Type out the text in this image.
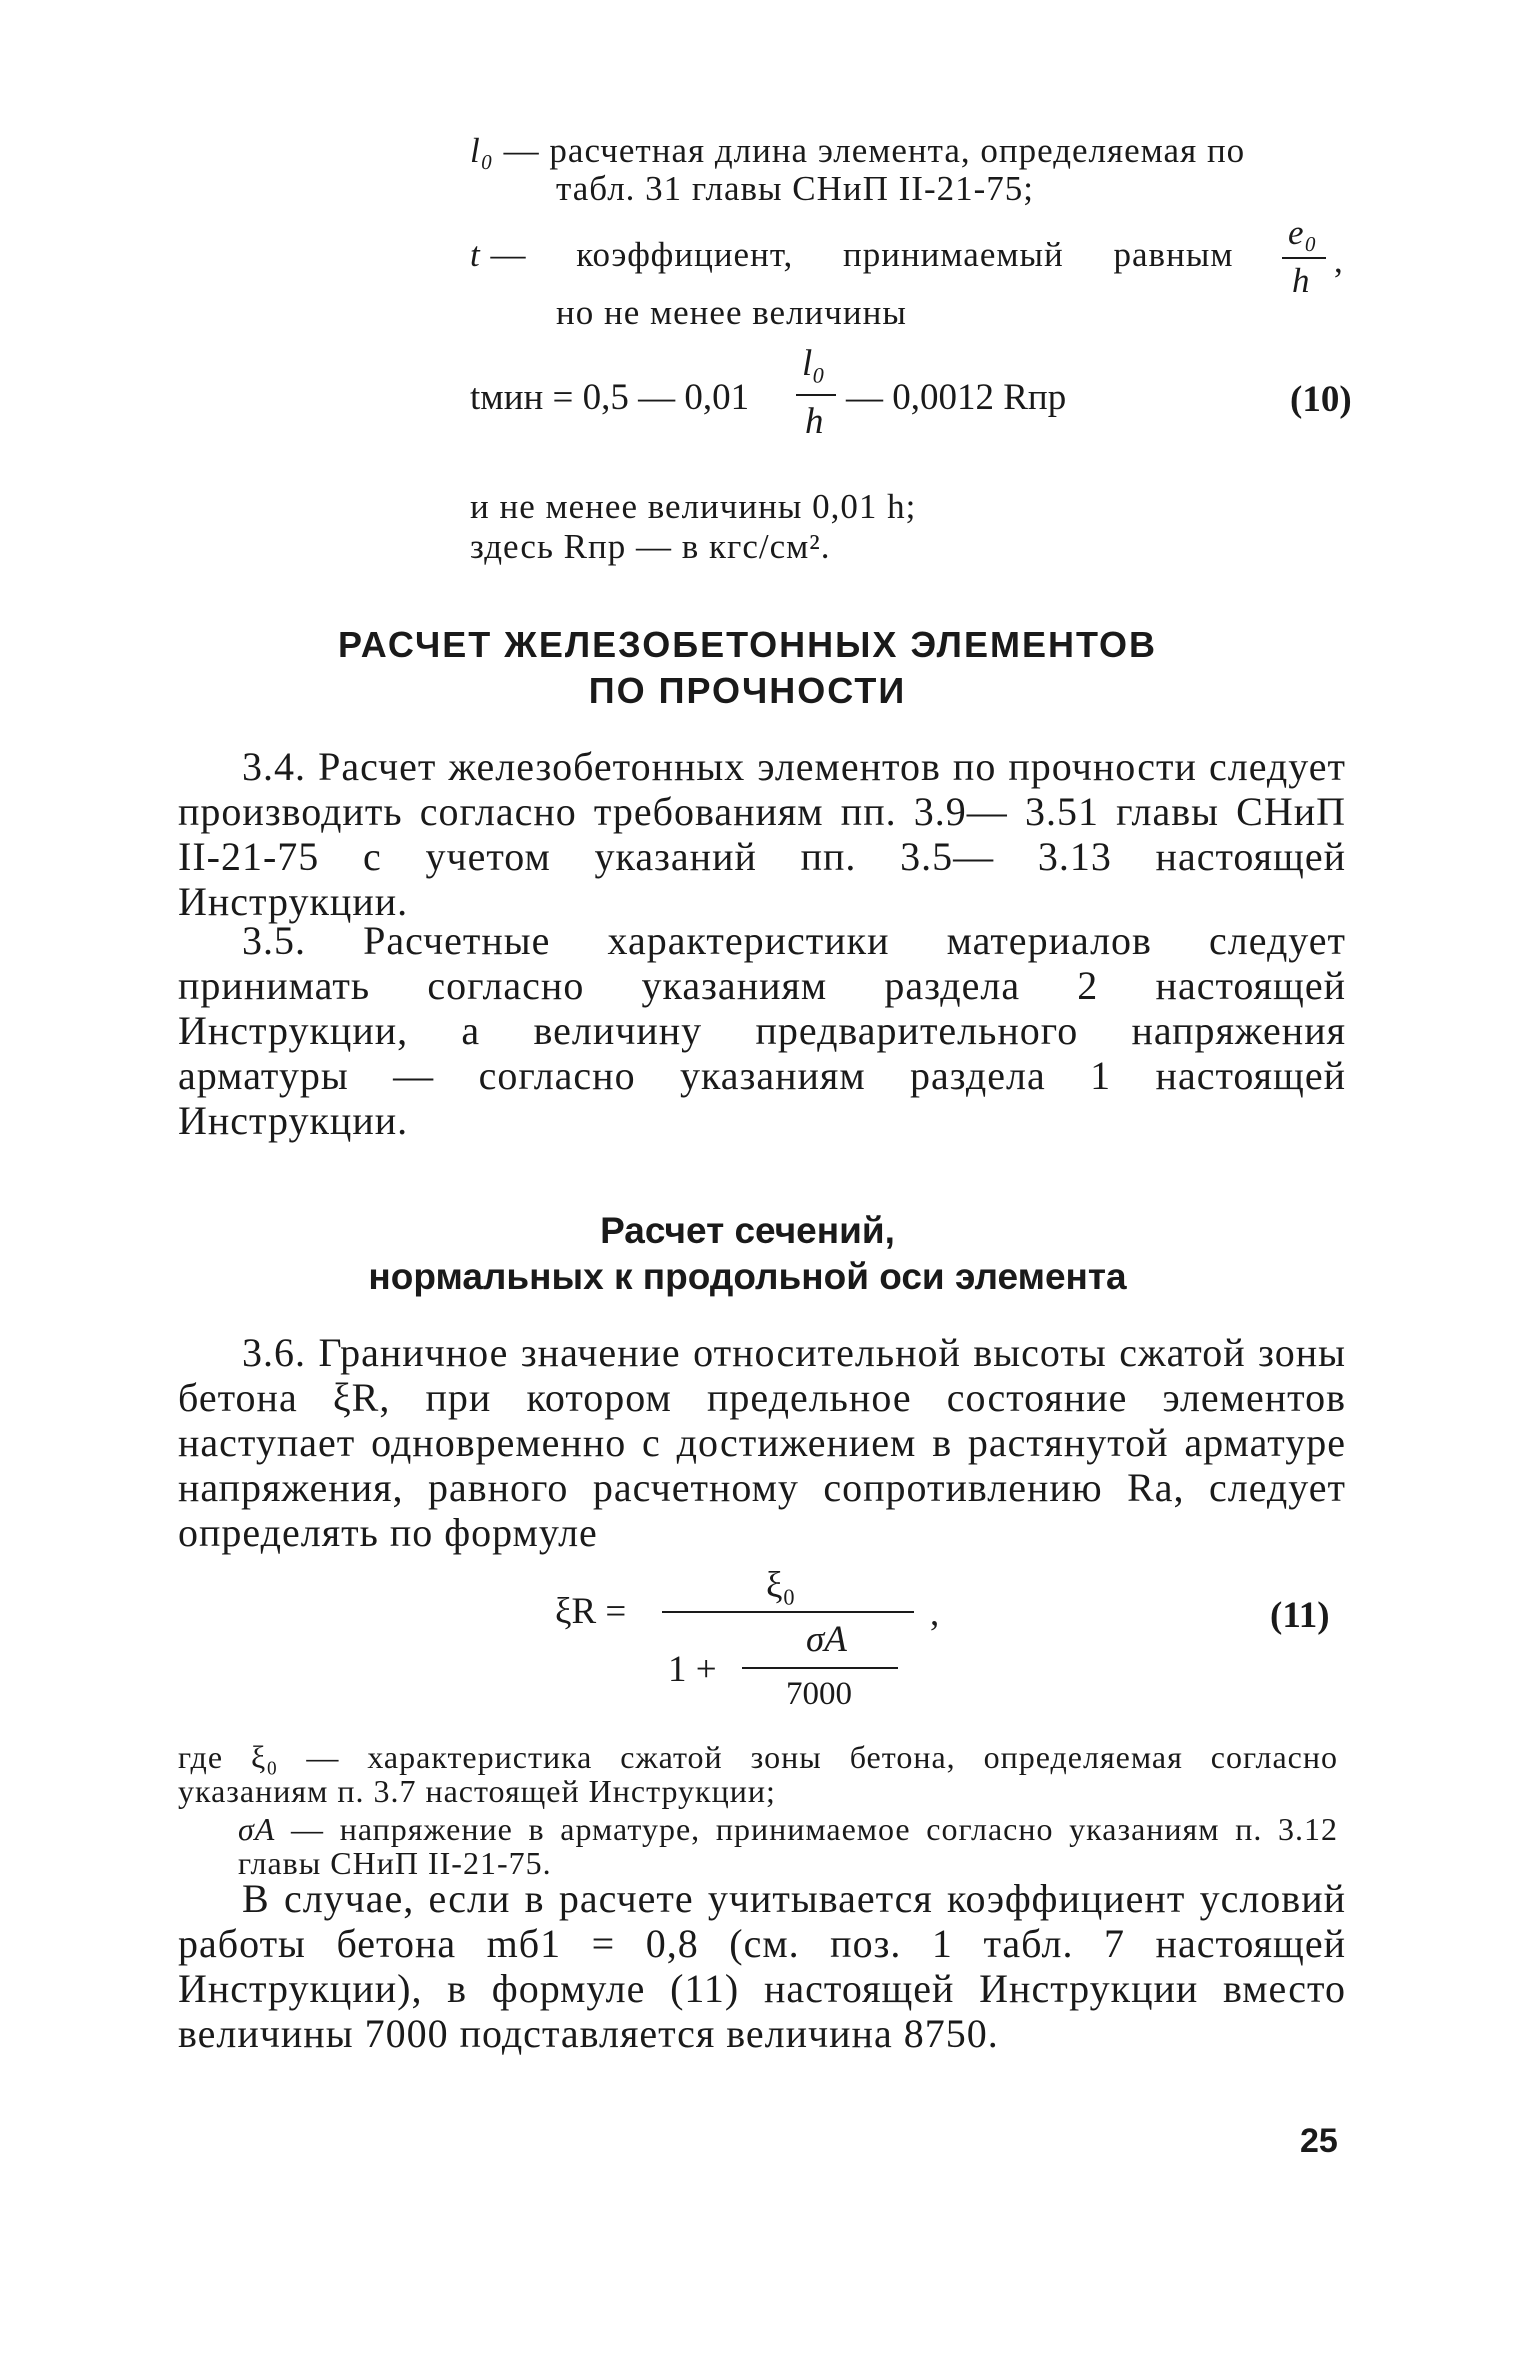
l₀ — расчетная длина элемента, определяемая по
табл. 31 главы СНиП II-21-75;
t — коэффициент, принимаемый равным
e₀
h
,
но не менее величины
tмин = 0,5 — 0,01
l₀
h
— 0,0012 Rпр	(10)
и не менее величины 0,01 h;
здесь Rпр — в кгс/см².
РАСЧЕТ ЖЕЛЕЗОБЕТОННЫХ ЭЛЕМЕНТОВ
ПО ПРОЧНОСТИ
3.4. Расчет железобетонных элементов по прочности следует производить согласно требованиям пп. 3.9— 3.51 главы СНиП II-21-75 с учетом указаний пп. 3.5— 3.13 настоящей Инструкции.
3.5. Расчетные характеристики материалов следует принимать согласно указаниям раздела 2 настоящей Инструкции, а величину предварительного напряжения арматуры — согласно указаниям раздела 1 настоящей Инструкции.
Расчет сечений,
нормальных к продольной оси элемента
3.6. Граничное значение относительной высоты сжатой зоны бетона ξR, при котором предельное состояние элементов наступает одновременно с достижением в растянутой арматуре напряжения, равного расчетному сопротивлению Rа, следует определять по формуле
ξR =
ξ₀
,
1 +
σA
7000
(11)
где ξ₀ — характеристика сжатой зоны бетона, определяемая согласно указаниям п. 3.7 настоящей Инструкции;
σA — напряжение в арматуре, принимаемое согласно указаниям п. 3.12 главы СНиП II-21-75.
В случае, если в расчете учитывается коэффициент условий работы бетона mб1 = 0,8 (см. поз. 1 табл. 7 настоящей Инструкции), в формуле (11) настоящей Инструкции вместо величины 7000 подставляется величина 8750.
25
